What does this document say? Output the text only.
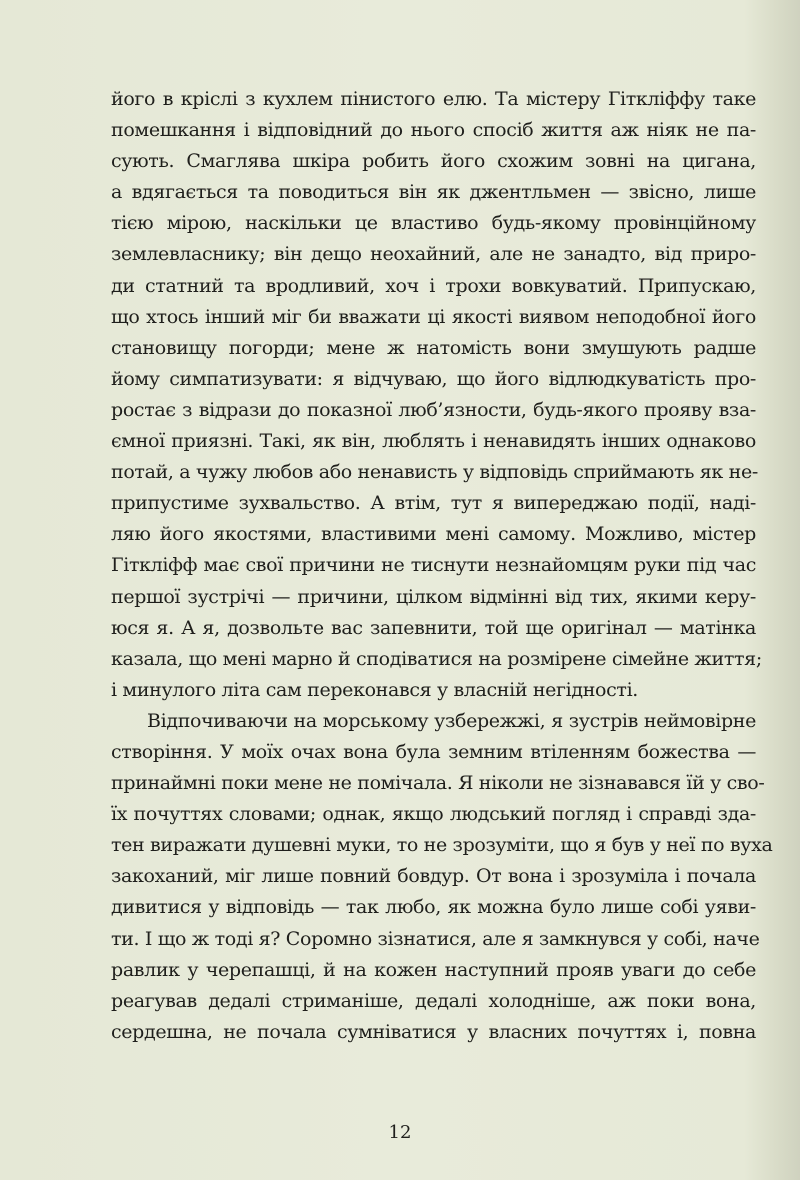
його в кріслі з кухлем пінистого елю. Та містеру Гіткліффу таке
помешкання і відповідний до нього спосіб життя аж ніяк не па-
сують. Смаглява шкіра робить його схожим зовні на цигана,
а вдягається та поводиться він як джентльмен — звісно, лише
тією мірою, наскільки це властиво будь-якому провінційному
землевласнику; він дещо неохайний, але не занадто, від приро-
ди статний та вродливий, хоч і трохи вовкуватий. Припускаю,
що хтось інший міг би вважати ці якості виявом неподобної його
становищу погорди; мене ж натомість вони змушують радше
йому симпатизувати: я відчуваю, що його відлюдкуватість про-
ростає з відрази до показної люб’язности, будь-якого прояву вза-
ємної приязні. Такі, як він, люблять і ненавидять інших однаково
потай, а чужу любов або ненависть у відповідь сприймають як не-
припустиме зухвальство. А втім, тут я випереджаю події, наді-
ляю його якостями, властивими мені самому. Можливо, містер
Гіткліфф має свої причини не тиснути незнайомцям руки під час
першої зустрічі — причини, цілком відмінні від тих, якими керу-
юся я. А я, дозвольте вас запевнити, той ще оригінал — матінка
казала, що мені марно й сподіватися на розмірене сімейне життя;
і минулого літа сам переконався у власній негідності.
Відпочиваючи на морському узбережжі, я зустрів неймовірне
створіння. У моїх очах вона була земним втіленням божества —
принаймні поки мене не помічала. Я ніколи не зізнавався їй у сво-
їх почуттях словами; однак, якщо людський погляд і справді зда-
тен виражати душевні муки, то не зрозуміти, що я був у неї по вуха
закоханий, міг лише повний бовдур. От вона і зрозуміла і почала
дивитися у відповідь — так любо, як можна було лише собі уяви-
ти. І що ж тоді я? Соромно зізнатися, але я замкнувся у собі, наче
равлик у черепашці, й на кожен наступний прояв уваги до себе
реагував дедалі стриманіше, дедалі холодніше, аж поки вона,
сердешна, не почала сумніватися у власних почуттях і, повна
12
